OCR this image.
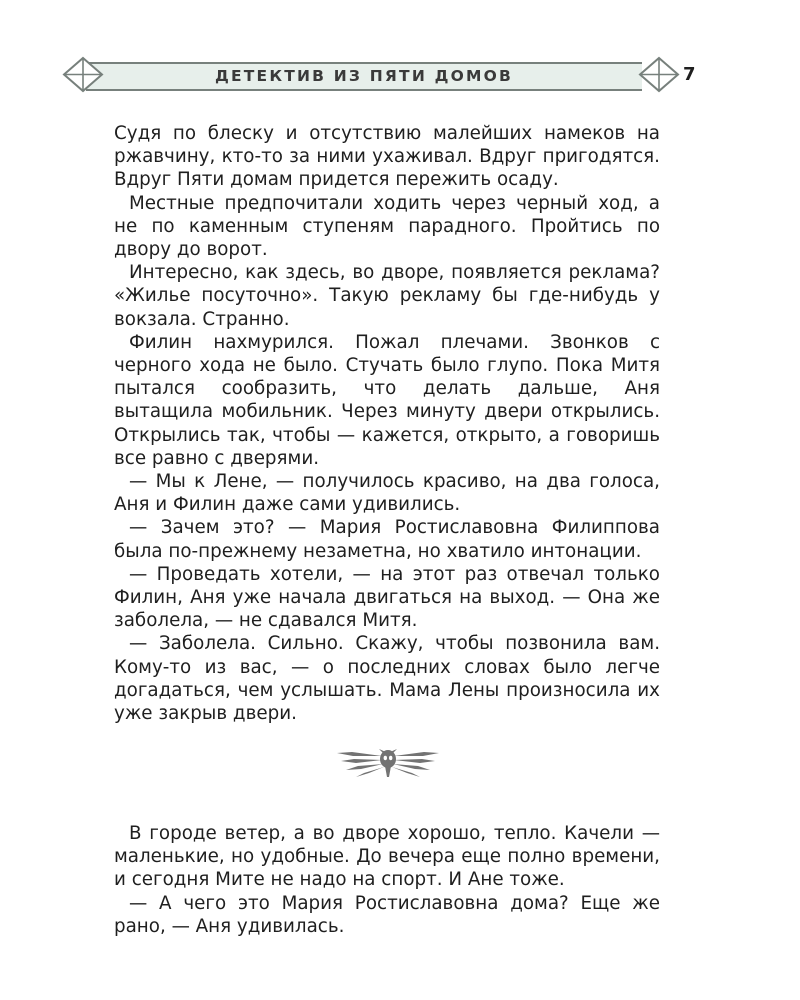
ДЕТЕКТИВ ИЗ ПЯТИ ДОМОВ	7

Судя по блеску и отсутствию малейших намеков на ржавчину, кто-то за ними ухаживал. Вдруг пригодятся. Вдруг Пяти домам придется пережить осаду.

Местные предпочитали ходить через черный ход, а не по каменным ступеням парадного. Пройтись по двору до ворот.

Интересно, как здесь, во дворе, появляется реклама? «Жилье посуточно». Такую рекламу бы где-нибудь у вокзала. Странно.

Филин нахмурился. Пожал плечами. Звонков с черного хода не было. Стучать было глупо. Пока Митя пытался сообразить, что делать дальше, Аня вытащила мобильник. Через минуту двери открылись. Открылись так, чтобы — кажется, открыто, а говоришь все равно с дверями.

— Мы к Лене, — получилось красиво, на два голоса, Аня и Филин даже сами удивились.

— Зачем это? — Мария Ростиславовна Филиппова была по-прежнему незаметна, но хватило интонации.

— Проведать хотели, — на этот раз отвечал только Филин, Аня уже начала двигаться на выход. — Она же заболела, — не сдавался Митя.

— Заболела. Сильно. Скажу, чтобы позвонила вам. Кому-то из вас, — о последних словах было легче догадаться, чем услышать. Мама Лены произносила их уже закрыв двери.

В городе ветер, а во дворе хорошо, тепло. Качели — маленькие, но удобные. До вечера еще полно времени, и сегодня Мите не надо на спорт. И Ане тоже.

— А чего это Мария Ростиславовна дома? Еще же рано, — Аня удивилась.
